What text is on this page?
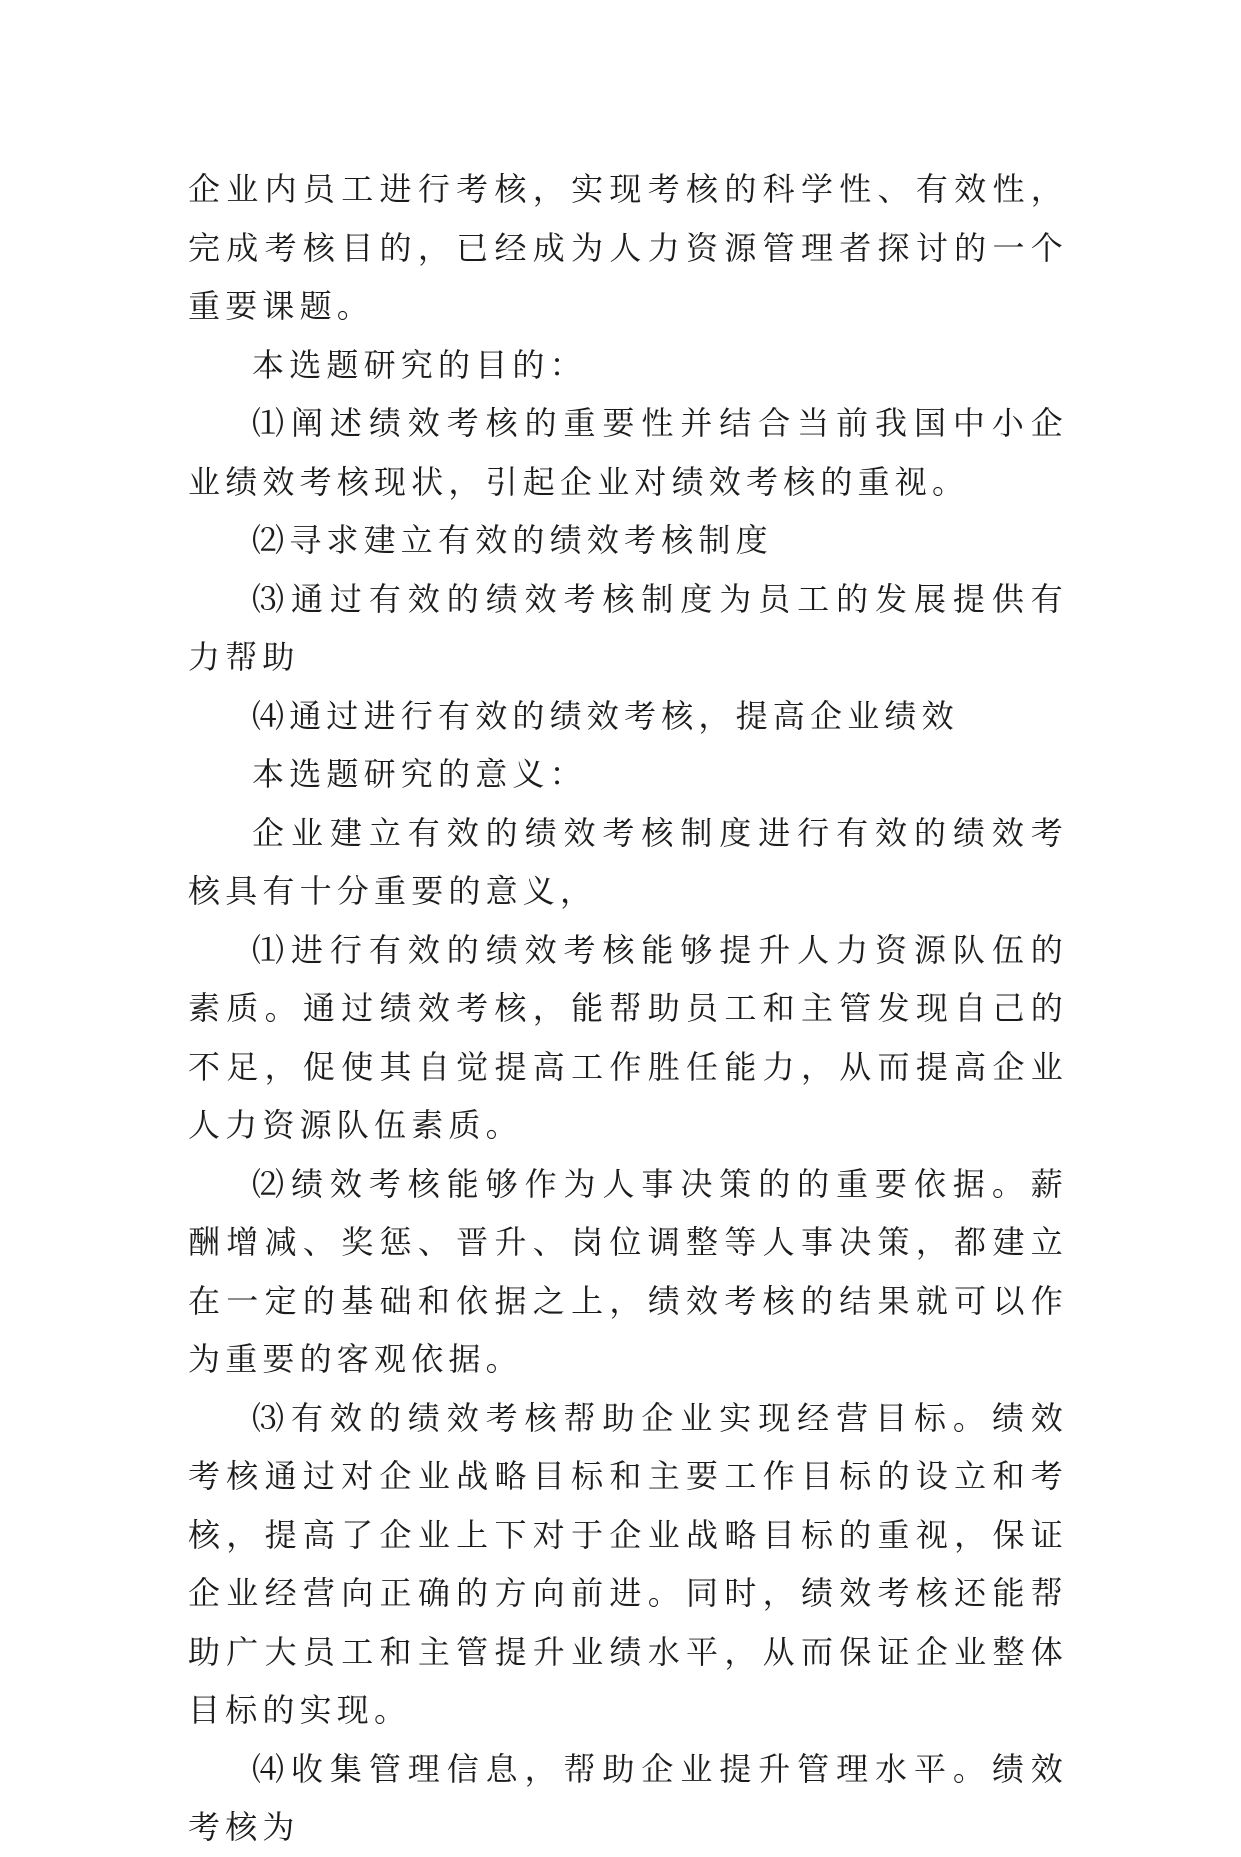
企业内员工进行考核，实现考核的科学性、有效性，完成考核目的，已经成为人力资源管理者探讨的一个重要课题。

本选题研究的目的：

⑴阐述绩效考核的重要性并结合当前我国中小企业绩效考核现状，引起企业对绩效考核的重视。

⑵寻求建立有效的绩效考核制度

⑶通过有效的绩效考核制度为员工的发展提供有力帮助

⑷通过进行有效的绩效考核，提高企业绩效

本选题研究的意义：

企业建立有效的绩效考核制度进行有效的绩效考核具有十分重要的意义，

⑴进行有效的绩效考核能够提升人力资源队伍的素质。通过绩效考核，能帮助员工和主管发现自己的不足，促使其自觉提高工作胜任能力，从而提高企业人力资源队伍素质。

⑵绩效考核能够作为人事决策的的重要依据。薪酬增减、奖惩、晋升、岗位调整等人事决策，都建立在一定的基础和依据之上，绩效考核的结果就可以作为重要的客观依据。

⑶有效的绩效考核帮助企业实现经营目标。绩效考核通过对企业战略目标和主要工作目标的设立和考核，提高了企业上下对于企业战略目标的重视，保证企业经营向正确的方向前进。同时，绩效考核还能帮助广大员工和主管提升业绩水平，从而保证企业整体目标的实现。

⑷收集管理信息，帮助企业提升管理水平。绩效考核为
